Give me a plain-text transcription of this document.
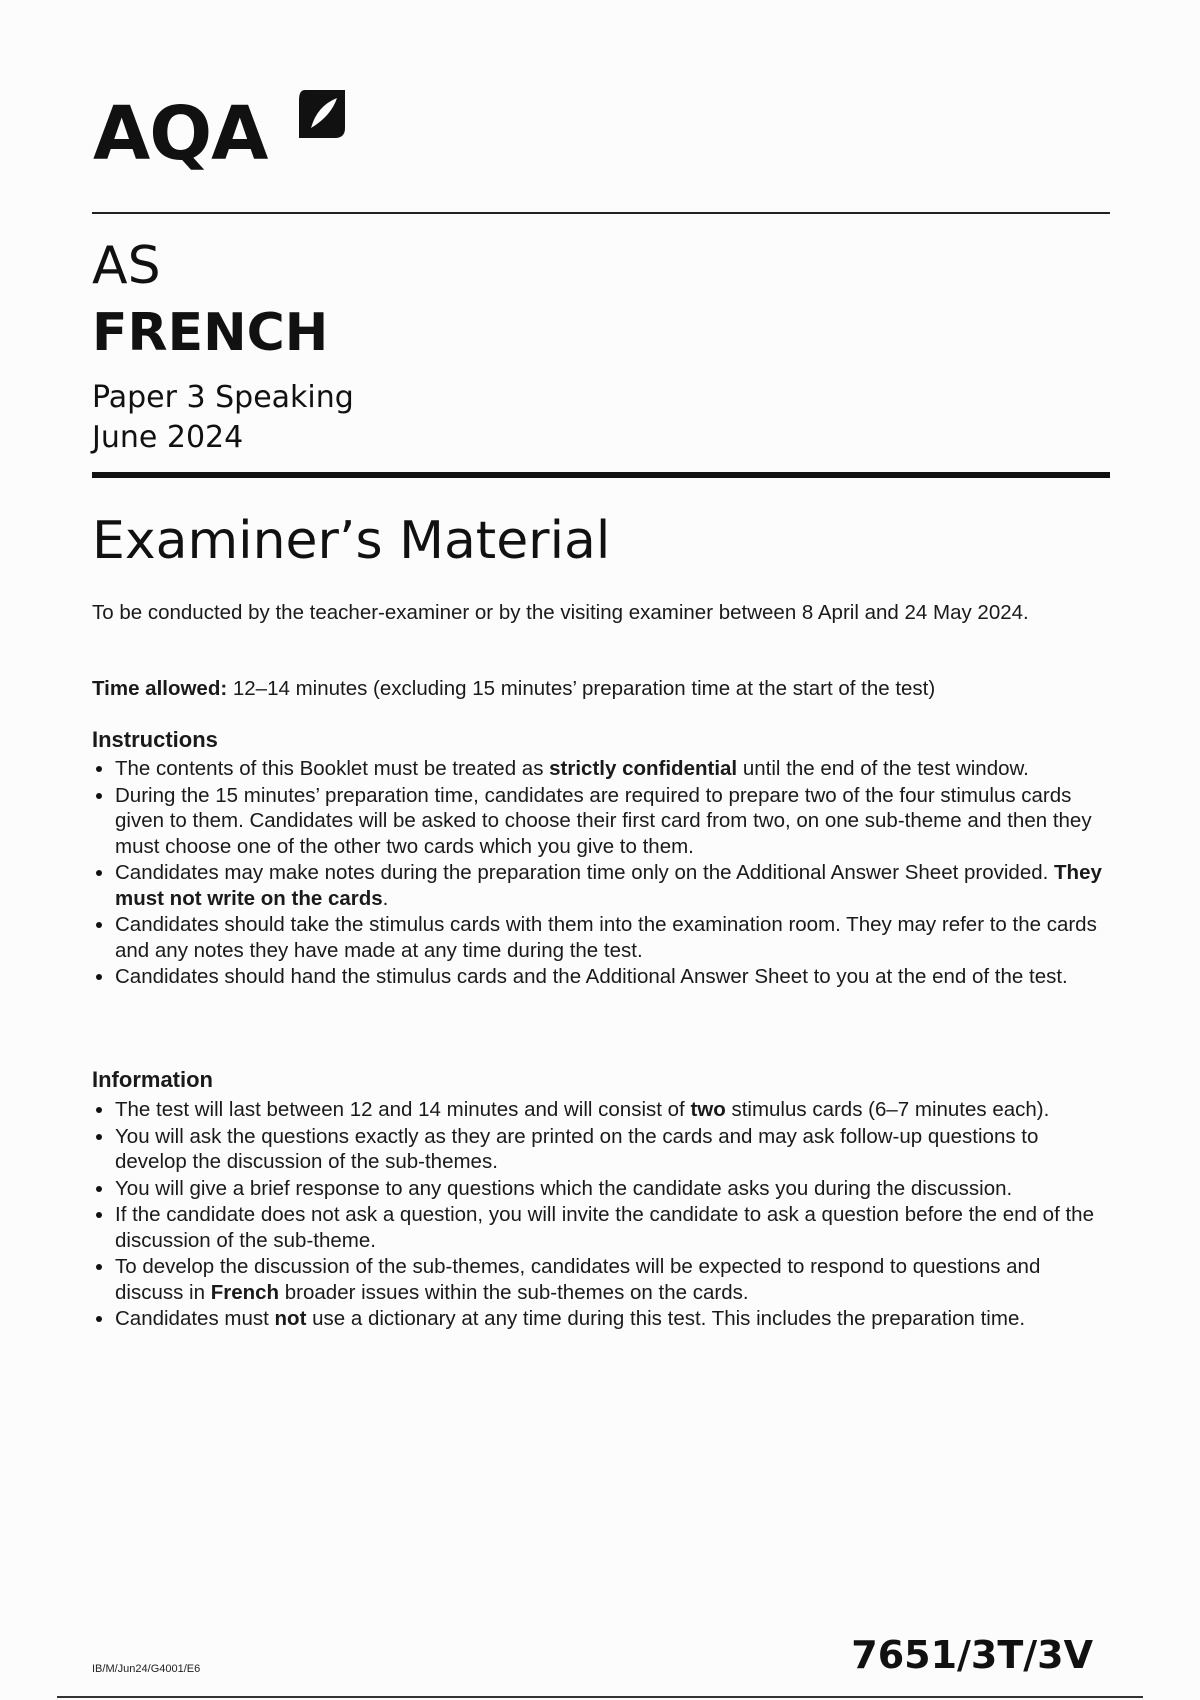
AQA
AS
FRENCH
Paper 3 Speaking
June 2024
Examiner’s Material
To be conducted by the teacher-examiner or by the visiting examiner between 8 April and 24 May 2024.
Time allowed: 12–14 minutes (excluding 15 minutes’ preparation time at the start of the test)
Instructions
The contents of this Booklet must be treated as strictly confidential until the end of the test window.
During the 15 minutes’ preparation time, candidates are required to prepare two of the four stimulus cards given to them. Candidates will be asked to choose their first card from two, on one sub-theme and then they must choose one of the other two cards which you give to them.
Candidates may make notes during the preparation time only on the Additional Answer Sheet provided. They must not write on the cards.
Candidates should take the stimulus cards with them into the examination room. They may refer to the cards and any notes they have made at any time during the test.
Candidates should hand the stimulus cards and the Additional Answer Sheet to you at the end of the test.
Information
The test will last between 12 and 14 minutes and will consist of two stimulus cards (6–7 minutes each).
You will ask the questions exactly as they are printed on the cards and may ask follow-up questions to develop the discussion of the sub-themes.
You will give a brief response to any questions which the candidate asks you during the discussion.
If the candidate does not ask a question, you will invite the candidate to ask a question before the end of the discussion of the sub-theme.
To develop the discussion of the sub-themes, candidates will be expected to respond to questions and discuss in French broader issues within the sub-themes on the cards.
Candidates must not use a dictionary at any time during this test. This includes the preparation time.
IB/M/Jun24/G4001/E6	7651/3T/3V
